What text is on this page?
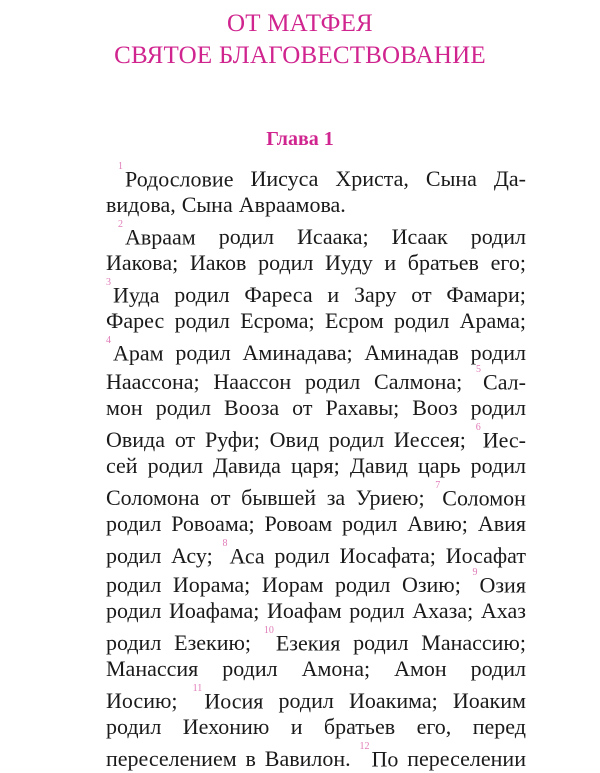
ОТ МАТФЕЯ
СВЯТОЕ БЛАГОВЕСТВОВАНИЕ
Глава 1
$^1$Родословие Иисуса Христа, Сына Да-
видова, Сына Авраамова.
$^2$Авраам родил Исаака; Исаак родил
Иакова; Иаков родил Иуду и братьев его;
$^3$Иуда родил Фареса и Зару от Фамари;
Фарес родил Есрома; Есром родил Арама;
$^4$Арам родил Аминадава; Аминадав родил
Наассона; Наассон родил Салмона; $^5$Сал-
мон родил Вооза от Рахавы; Вооз родил
Овида от Руфи; Овид родил Иессея; $^6$Иес-
сей родил Давида царя; Давид царь родил
Соломона от бывшей за Уриею; $^7$Соломон
родил Ровоама; Ровоам родил Авию; Авия
родил Асу; $^8$Аса родил Иосафата; Иосафат
родил Иорама; Иорам родил Озию; $^9$Озия
родил Иоафама; Иоафам родил Ахаза; Ахаз
родил Езекию; $^{10}$Езекия родил Манассию;
Манассия родил Амона; Амон родил
Иосию; $^{11}$Иосия родил Иоакима; Иоаким
родил Иехонию и братьев его, перед
переселением в Вавилон. $^{12}$По переселении
